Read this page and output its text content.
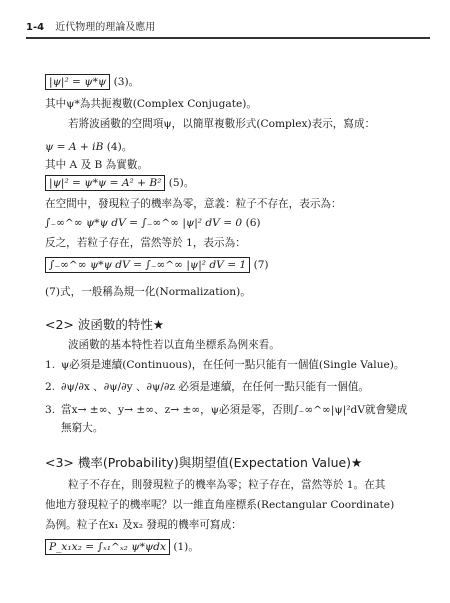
1-4 近代物理的理論及應用
|ψ|² = ψ*ψ (3)。
其中ψ*為共扼複數(Complex Conjugate)。
若將波函數的空間項ψ，以簡單複數形式(Complex)表示，寫成：
ψ = A + iB (4)。
其中 A 及 B 為實數。
|ψ|² = ψ*ψ = A² + B² (5)。
在空間中，發現粒子的機率為零，意義：粒子不存在，表示為：
∫₋∞^∞ ψ*ψ dV = ∫₋∞^∞ |ψ|² dV = 0 (6)
反之，若粒子存在，當然等於 1，表示為：
∫₋∞^∞ ψ*ψ dV = ∫₋∞^∞ |ψ|² dV = 1 (7)
(7)式，一般稱為規一化(Normalization)。
<2> 波函數的特性★
波函數的基本特性若以直角坐標系為例來看。
1. ψ必須是連續(Continuous)，在任何一點只能有一個值(Single Value)。
2. ∂ψ/∂x 、∂ψ/∂y 、∂ψ/∂z 必須是連續，在任何一點只能有一個值。
3. 當x→ ±∞、y→ ±∞、z→ ±∞，ψ必須是零，否則∫₋∞^∞|ψ|²dV就會變成
無窮大。
<3> 機率(Probability)與期望值(Expectation Value)★
粒子不存在，則發現粒子的機率為零；粒子存在，當然等於 1。在其
他地方發現粒子的機率呢？以一維直角座標系(Rectangular Coordinate)
為例。粒子在x₁ 及x₂ 發現的機率可寫成：
P_x₁x₂ = ∫ₓ₁^ₓ₂ ψ*ψdx (1)。
